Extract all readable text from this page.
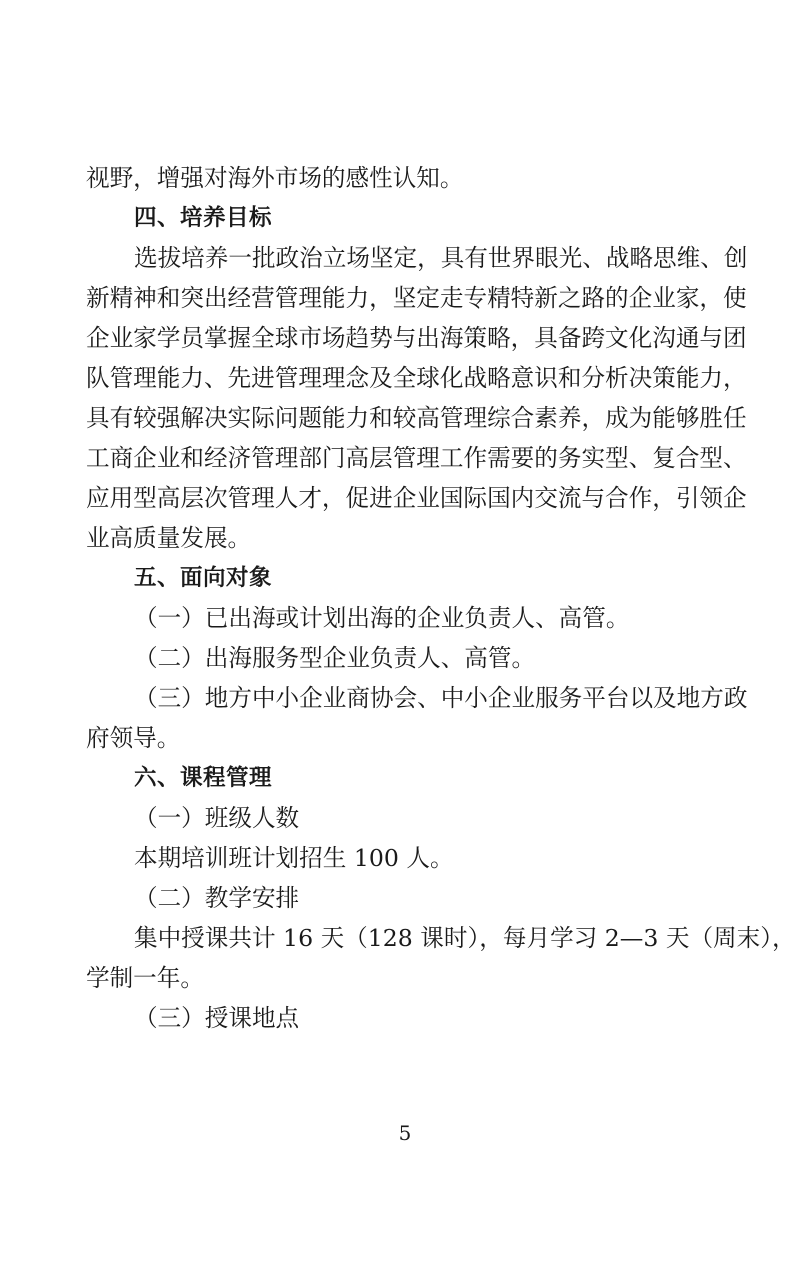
视野，增强对海外市场的感性认知。
四、培养目标
选拔培养一批政治立场坚定，具有世界眼光、战略思维、创
新精神和突出经营管理能力，坚定走专精特新之路的企业家，使
企业家学员掌握全球市场趋势与出海策略，具备跨文化沟通与团
队管理能力、先进管理理念及全球化战略意识和分析决策能力，
具有较强解决实际问题能力和较高管理综合素养，成为能够胜任
工商企业和经济管理部门高层管理工作需要的务实型、复合型、
应用型高层次管理人才，促进企业国际国内交流与合作，引领企
业高质量发展。
五、面向对象
（一）已出海或计划出海的企业负责人、高管。
（二）出海服务型企业负责人、高管。
（三）地方中小企业商协会、中小企业服务平台以及地方政
府领导。
六、课程管理
（一）班级人数
本期培训班计划招生 100 人。
（二）教学安排
集中授课共计 16 天（128 课时），每月学习 2—3 天（周末），
学制一年。
（三）授课地点
5
